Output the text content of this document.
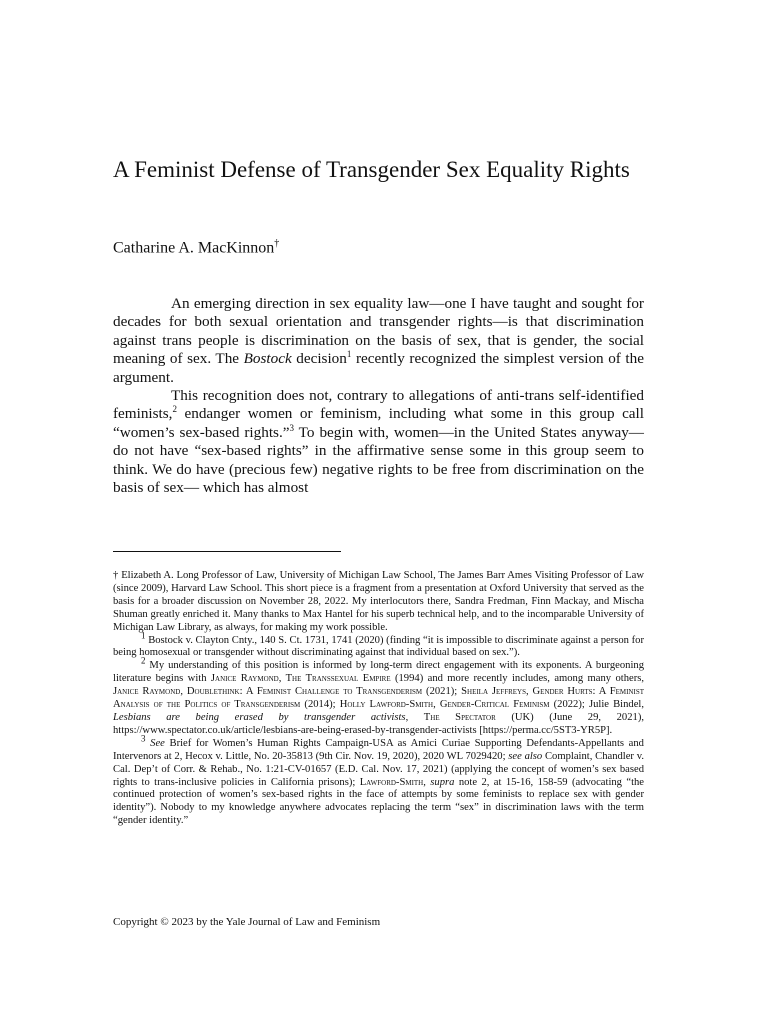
A Feminist Defense of Transgender Sex Equality Rights

Catharine A. MacKinnon†

An emerging direction in sex equality law—one I have taught and sought for decades for both sexual orientation and transgender rights—is that discrimination against trans people is discrimination on the basis of sex, that is gender, the social meaning of sex. The Bostock decision$^1$ recently recognized the simplest version of the argument.

This recognition does not, contrary to allegations of anti-trans self-identified feminists,$^2$ endanger women or feminism, including what some in this group call “women’s sex-based rights.”$^3$ To begin with, women—in the United States anyway—do not have “sex-based rights” in the affirmative sense some in this group seem to think. We do have (precious few) negative rights to be free from discrimination on the basis of sex— which has almost

† Elizabeth A. Long Professor of Law, University of Michigan Law School, The James Barr Ames Visiting Professor of Law (since 2009), Harvard Law School. This short piece is a fragment from a presentation at Oxford University that served as the basis for a broader discussion on November 28, 2022. My interlocutors there, Sandra Fredman, Finn Mackay, and Mischa Shuman greatly enriched it. Many thanks to Max Hantel for his superb technical help, and to the incomparable University of Michigan Law Library, as always, for making my work possible.

$^1$ Bostock v. Clayton Cnty., 140 S. Ct. 1731, 1741 (2020) (finding “it is impossible to discriminate against a person for being homosexual or transgender without discriminating against that individual based on sex.”).

$^2$ My understanding of this position is informed by long-term direct engagement with its exponents. A burgeoning literature begins with Janice Raymond, The Transsexual Empire (1994) and more recently includes, among many others, Janice Raymond, Doublethink: A Feminist Challenge to Transgenderism (2021); Sheila Jeffreys, Gender Hurts: A Feminist Analysis of the Politics of Transgenderism (2014); Holly Lawford-Smith, Gender-Critical Feminism (2022); Julie Bindel, Lesbians are being erased by transgender activists, The Spectator (UK) (June 29, 2021), https://www.spectator.co.uk/article/lesbians-are-being-erased-by-transgender-activists [https://perma.cc/5ST3-YR5P].

$^3$ See Brief for Women’s Human Rights Campaign-USA as Amici Curiae Supporting Defendants-Appellants and Intervenors at 2, Hecox v. Little, No. 20-35813 (9th Cir. Nov. 19, 2020), 2020 WL 7029420; see also Complaint, Chandler v. Cal. Dep’t of Corr. & Rehab., No. 1:21-CV-01657 (E.D. Cal. Nov. 17, 2021) (applying the concept of women’s sex based rights to trans-inclusive policies in California prisons); Lawford-Smith, supra note 2, at 15-16, 158-59 (advocating “the continued protection of women’s sex-based rights in the face of attempts by some feminists to replace sex with gender identity”). Nobody to my knowledge anywhere advocates replacing the term “sex” in discrimination laws with the term “gender identity.”

Copyright © 2023 by the Yale Journal of Law and Feminism
